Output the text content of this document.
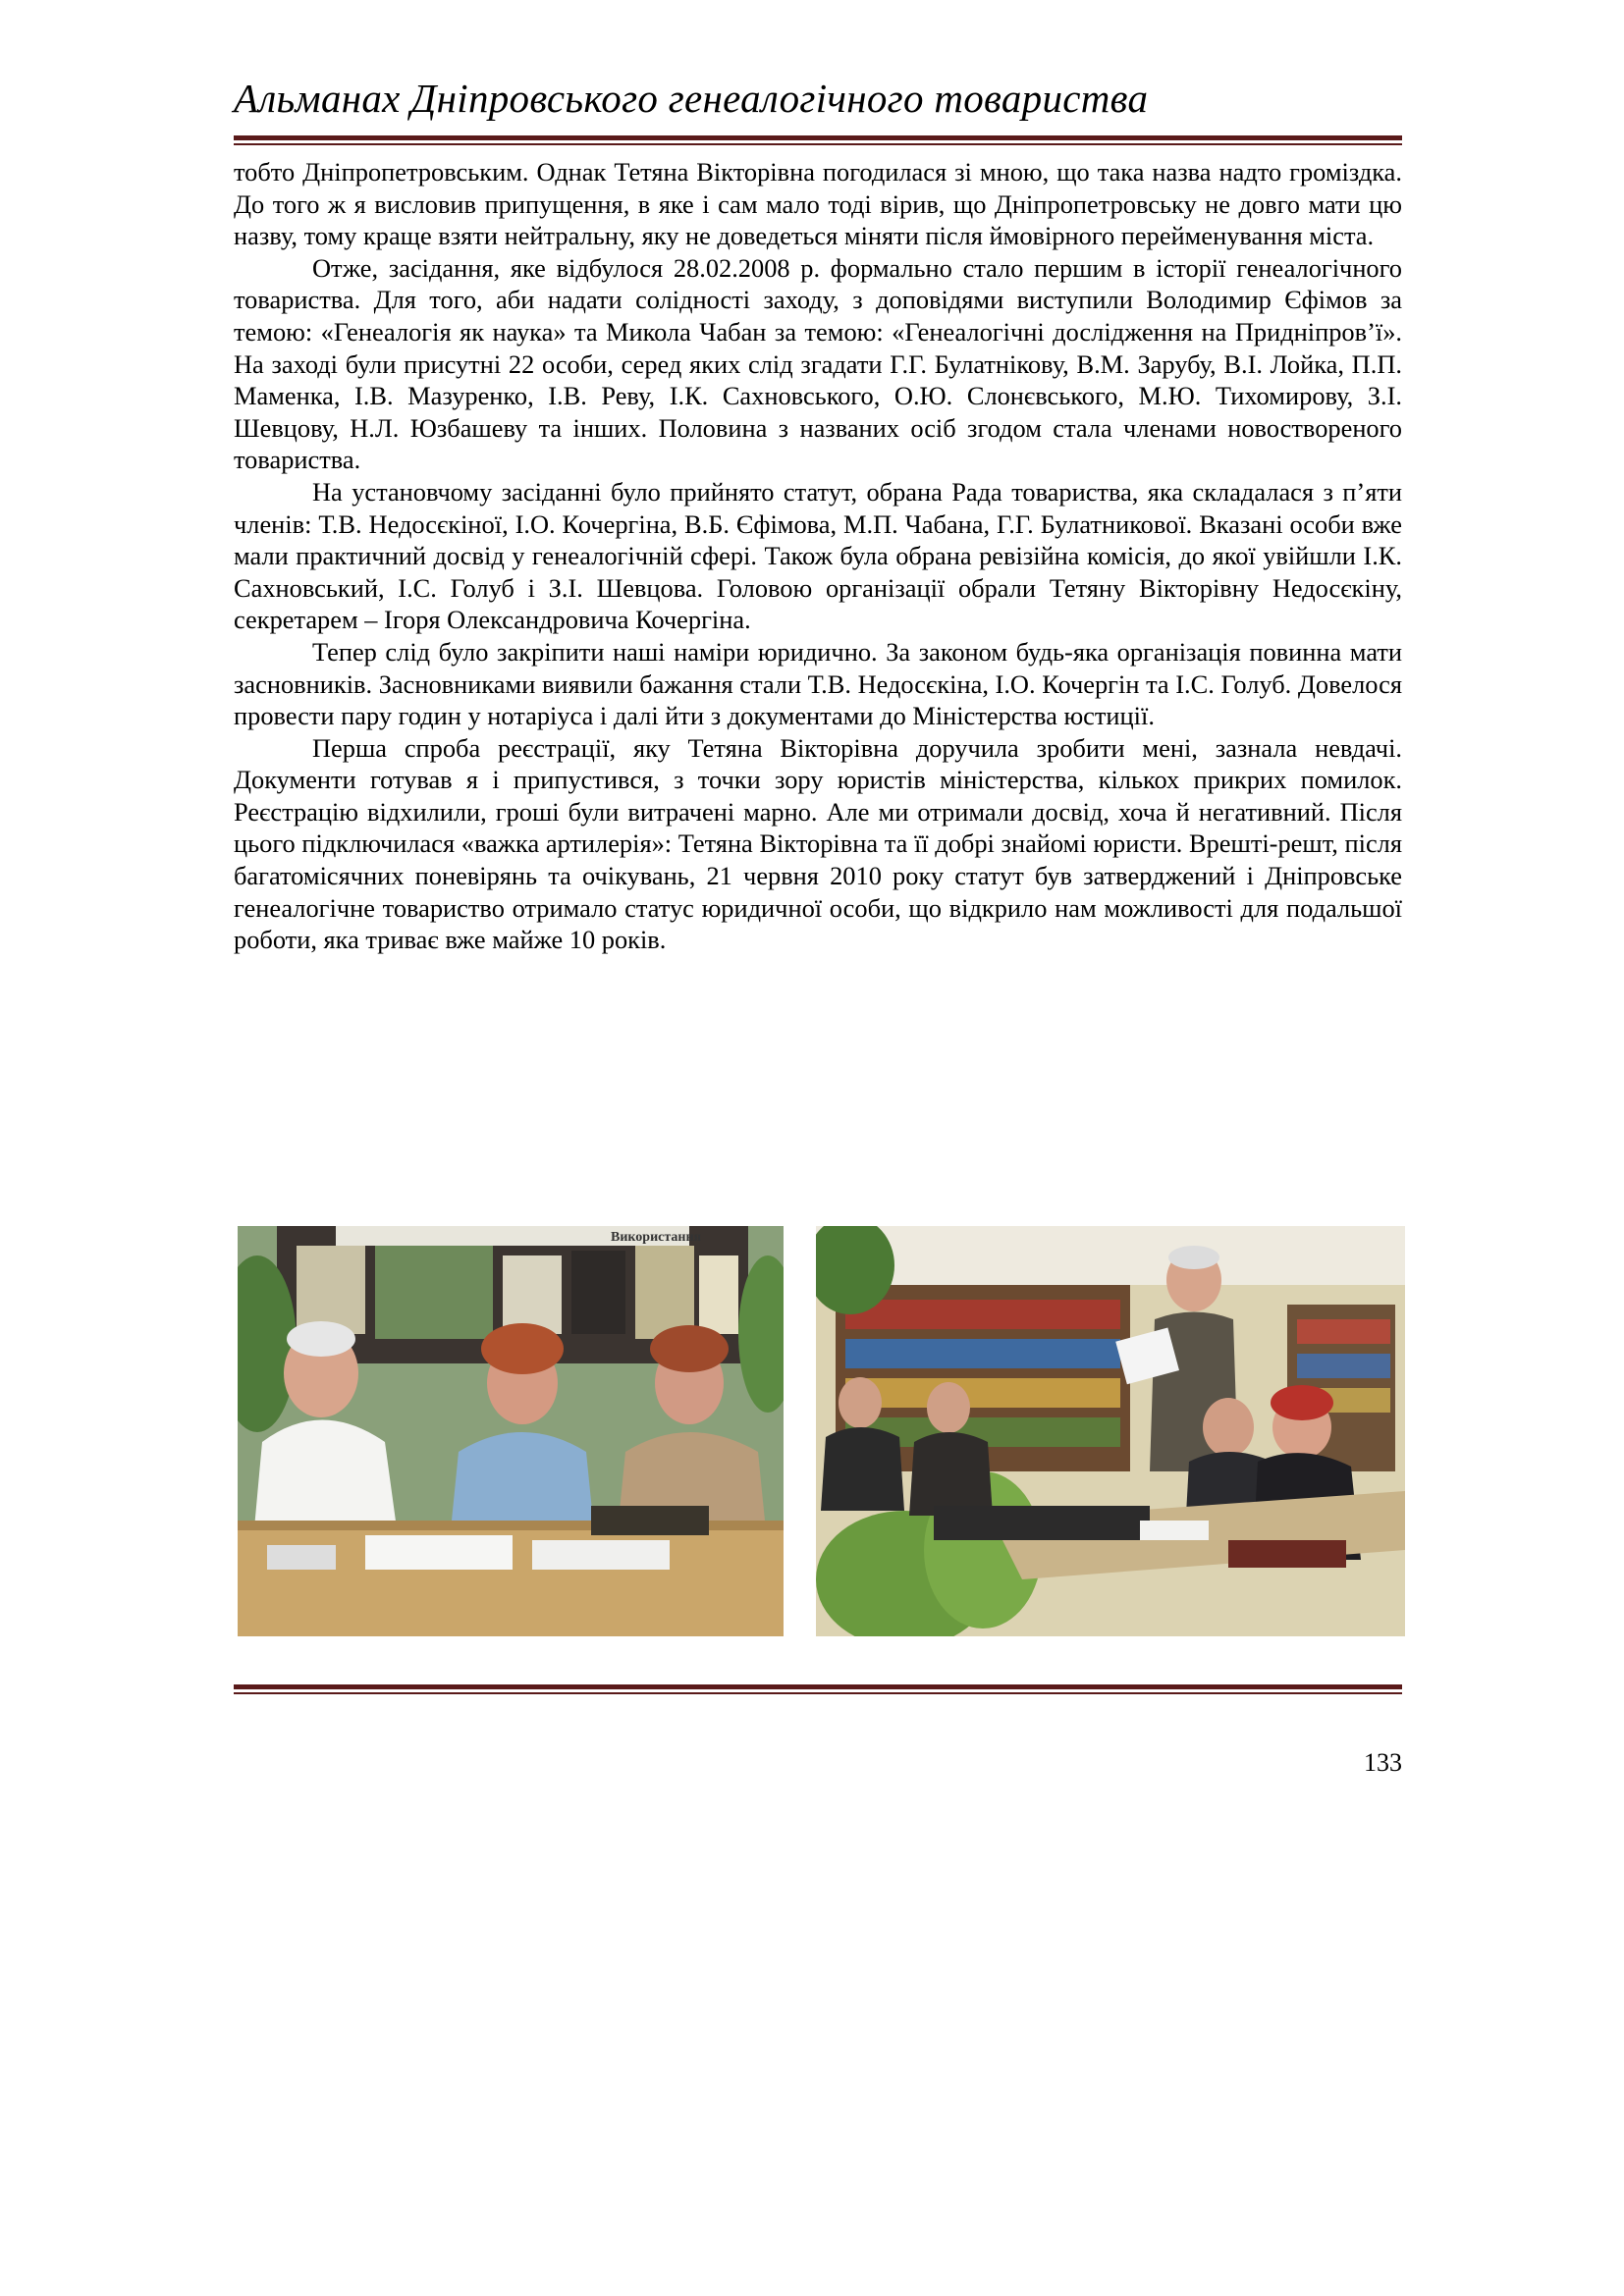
Альманах Дніпровського генеалогічного товариства

тобто Дніпропетровським. Однак Тетяна Вікторівна погодилася зі мною, що така назва надто громіздка. До того ж я висловив припущення, в яке і сам мало тоді вірив, що Дніпропетровську не довго мати цю назву, тому краще взяти нейтральну, яку не доведеться міняти після ймовірного перейменування міста.

Отже, засідання, яке відбулося 28.02.2008 р. формально стало першим в історії генеалогічного товариства. Для того, аби надати солідності заходу, з доповідями виступили Володимир Єфімов за темою: «Генеалогія як наука» та Микола Чабан за темою: «Генеалогічні дослідження на Придніпров’ї». На заході були присутні 22 особи, серед яких слід згадати Г.Г. Булатнікову, В.М. Зарубу, В.І. Лойка, П.П. Маменка, І.В. Мазуренко, І.В. Реву, І.К. Сахновського, О.Ю. Слонєвського, М.Ю. Тихомирову, З.І. Шевцову, Н.Л. Юзбашеву та інших. Половина з названих осіб згодом стала членами новоствореного товариства.

На установчому засіданні було прийнято статут, обрана Рада товариства, яка складалася з п’яти членів: Т.В. Недосєкіної, І.О. Кочергіна, В.Б. Єфімова, М.П. Чабана, Г.Г. Булатникової. Вказані особи вже мали практичний досвід у генеалогічній сфері. Також була обрана ревізійна комісія, до якої увійшли І.К. Сахновський, І.С. Голуб і З.І. Шевцова. Головою організації обрали Тетяну Вікторівну Недосєкіну, секретарем – Ігоря Олександровича Кочергіна.

Тепер слід було закріпити наші наміри юридично. За законом будь-яка організація повинна мати засновників. Засновниками виявили бажання стали Т.В. Недосєкіна, І.О. Кочергін та І.С. Голуб. Довелося провести пару годин у нотаріуса і далі йти з документами до Міністерства юстиції.

Перша спроба реєстрації, яку Тетяна Вікторівна доручила зробити мені, зазнала невдачі. Документи готував я і припустився, з точки зору юристів міністерства, кількох прикрих помилок. Реєстрацію відхилили, гроші були витрачені марно. Але ми отримали досвід, хоча й негативний. Після цього підключилася «важка артилерія»: Тетяна Вікторівна та її добрі знайомі юристи. Врешті-решт, після багатомісячних поневірянь та очікувань, 21 червня 2010 року статут був затверджений і Дніпровське генеалогічне товариство отримало статус юридичної особи, що відкрило нам можливості для подальшої роботи, яка триває вже майже 10 років.

Використання
133
